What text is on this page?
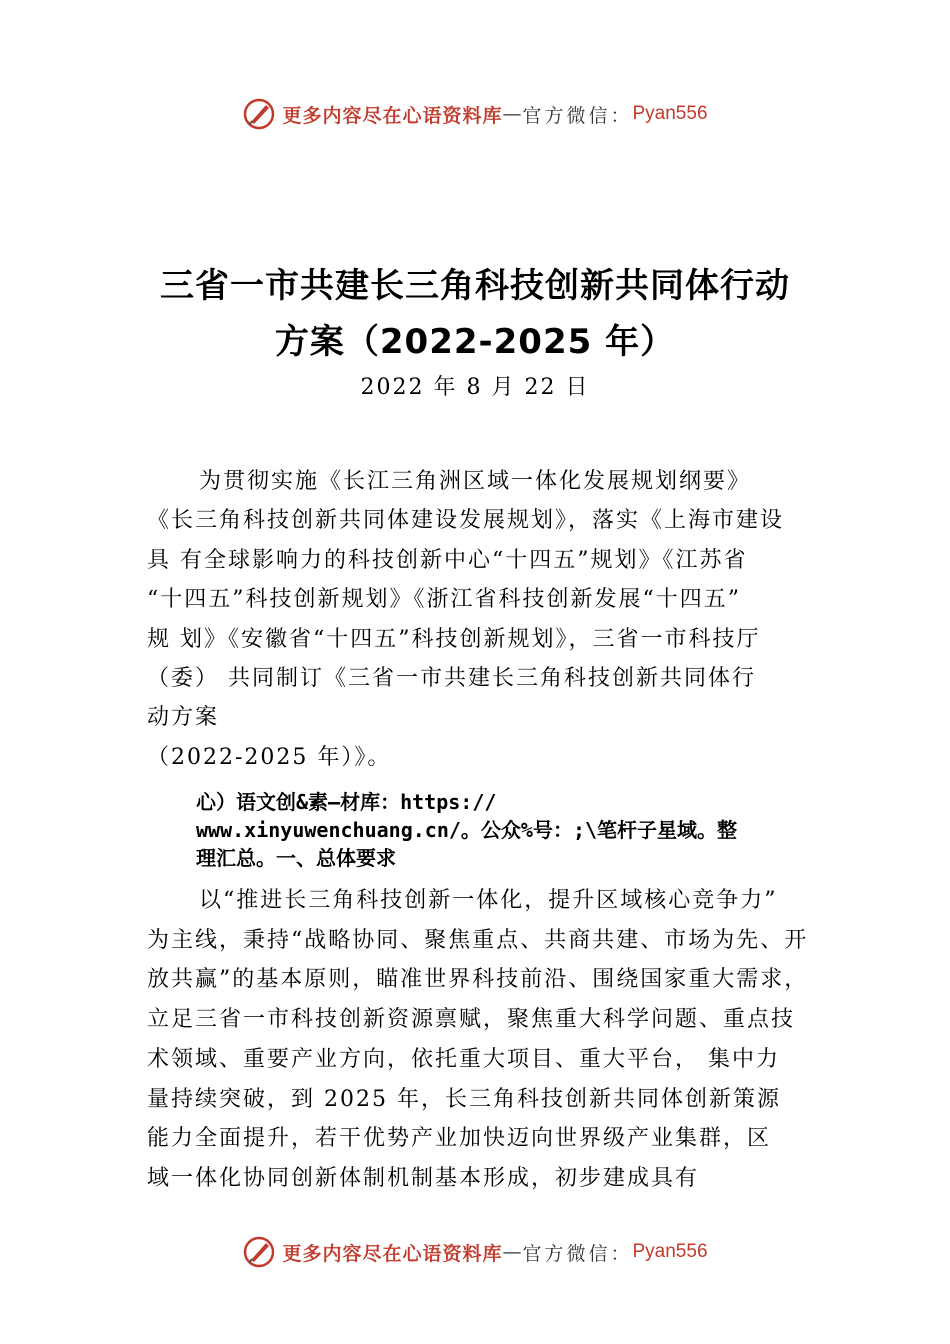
更多内容尽在心语资料库 — 官方微信： Pyan556
三省一市共建长三角科技创新共同体行动
方案（2022-2025 年）
2022 年 8 月 22 日
为贯彻实施《长江三角洲区域一体化发展规划纲要》
《长三角科技创新共同体建设发展规划》，落实《上海市建设
具 有全球影响力的科技创新中心“十四五”规划》《江苏省
“十四五”科技创新规划》《浙江省科技创新发展“十四五”
规 划》《安徽省“十四五”科技创新规划》，三省一市科技厅
（委） 共同制订《三省一市共建长三角科技创新共同体行
动方案
（2022-2025 年）》。
心）语文创&素—材库：https://
www.xinyuwenchuang.cn/。公众%号：;\笔杆子星域。整
理汇总。一、总体要求
以“推进长三角科技创新一体化，提升区域核心竞争力”
为主线，秉持“战略协同、聚焦重点、共商共建、市场为先、开
放共赢”的基本原则，瞄准世界科技前沿、围绕国家重大需求，
立足三省一市科技创新资源禀赋，聚焦重大科学问题、重点技
术领域、重要产业方向，依托重大项目、重大平台， 集中力
量持续突破，到 2025 年，长三角科技创新共同体创新策源
能力全面提升，若干优势产业加快迈向世界级产业集群，区
域一体化协同创新体制机制基本形成，初步建成具有
更多内容尽在心语资料库 — 官方微信： Pyan556
